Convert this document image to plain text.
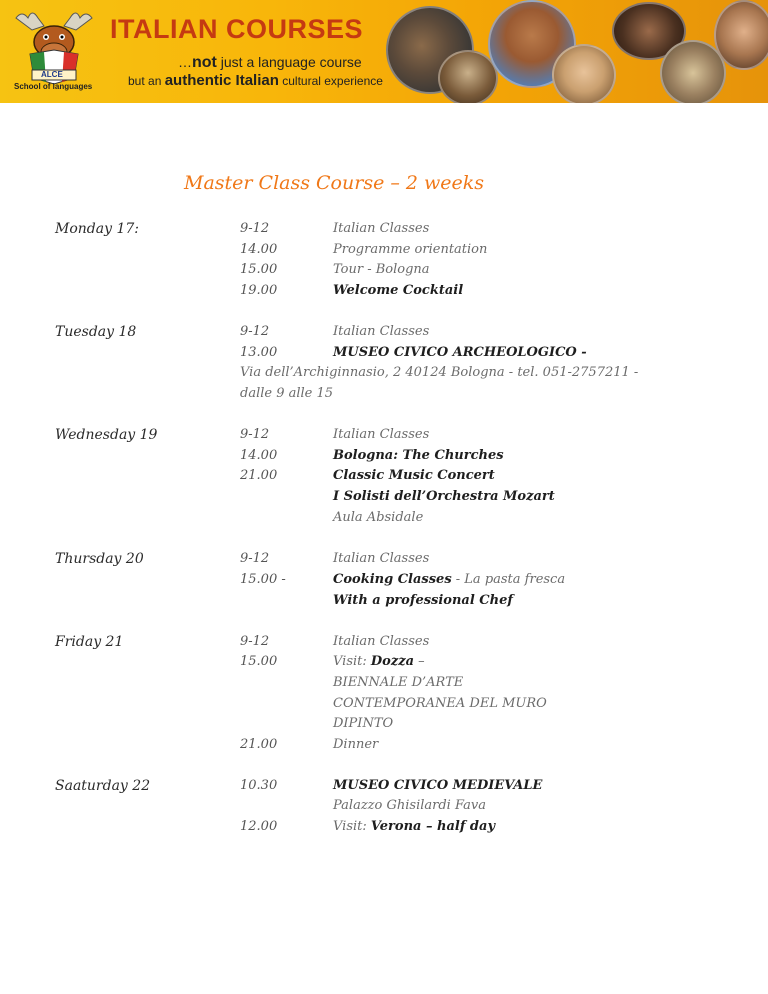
ALCE
School of languages
ITALIAN COURSES
…not just a language course
but an authentic Italian cultural experience
Master Class Course – 2 weeks
Monday 17:	9-12	Italian Classes
14.00	Programme orientation
15.00	Tour - Bologna
19.00	Welcome Cocktail
Tuesday 18	9-12	Italian Classes
13.00	MUSEO CIVICO ARCHEOLOGICO -
Via dell’Archiginnasio, 2 40124 Bologna - tel. 051-2757211 - dalle 9 alle 15
Wednesday 19	9-12	Italian Classes
14.00	Bologna: The Churches
21.00	Classic Music Concert
I Solisti dell’Orchestra Mozart
Aula Absidale
Thursday 20	9-12	Italian Classes
15.00 -	Cooking Classes - La pasta fresca
With a professional Chef
Friday 21	9-12	Italian Classes
15.00	Visit: Dozza –
BIENNALE D’ARTE
CONTEMPORANEA DEL MURO
DIPINTO
21.00	Dinner
Saaturday 22	10.30	MUSEO CIVICO MEDIEVALE
Palazzo Ghisilardi Fava
12.00	Visit: Verona – half day
